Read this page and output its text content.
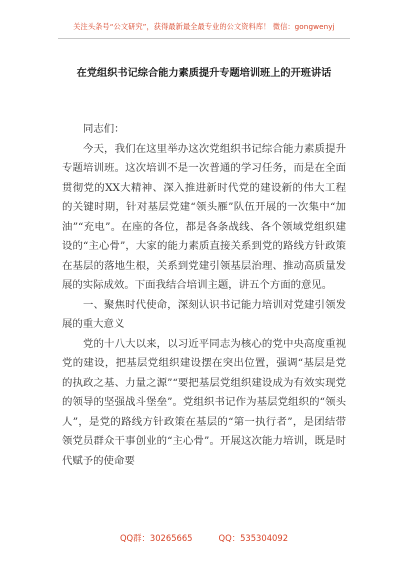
关注头条号“公文研究”，获得最新最全最专业的公文资料库！ 微信：gongwenyj
在党组织书记综合能力素质提升专题培训班上的开班讲话

同志们：

今天，我们在这里举办这次党组织书记综合能力素质提升专题培训班。这次培训不是一次普通的学习任务，而是在全面贯彻党的XX大精神、深入推进新时代党的建设新的伟大工程的关键时期，针对基层党建“领头雁”队伍开展的一次集中“加油”“充电”。在座的各位，都是各条战线、各个领域党组织建设的“主心骨”，大家的能力素质直接关系到党的路线方针政策在基层的落地生根，关系到党建引领基层治理、推动高质量发展的实际成效。下面我结合培训主题，讲五个方面的意见。

一、聚焦时代使命，深刻认识书记能力培训对党建引领发展的重大意义

党的十八大以来，以习近平同志为核心的党中央高度重视党的建设，把基层党组织建设摆在突出位置，强调“基层是党的执政之基、力量之源”“要把基层党组织建设成为有效实现党的领导的坚强战斗堡垒”。党组织书记作为基层党组织的“领头人”，是党的路线方针政策在基层的“第一执行者”，是团结带领党员群众干事创业的“主心骨”。开展这次能力培训，既是时代赋予的使命要

QQ群：30265665	QQ：535304092
